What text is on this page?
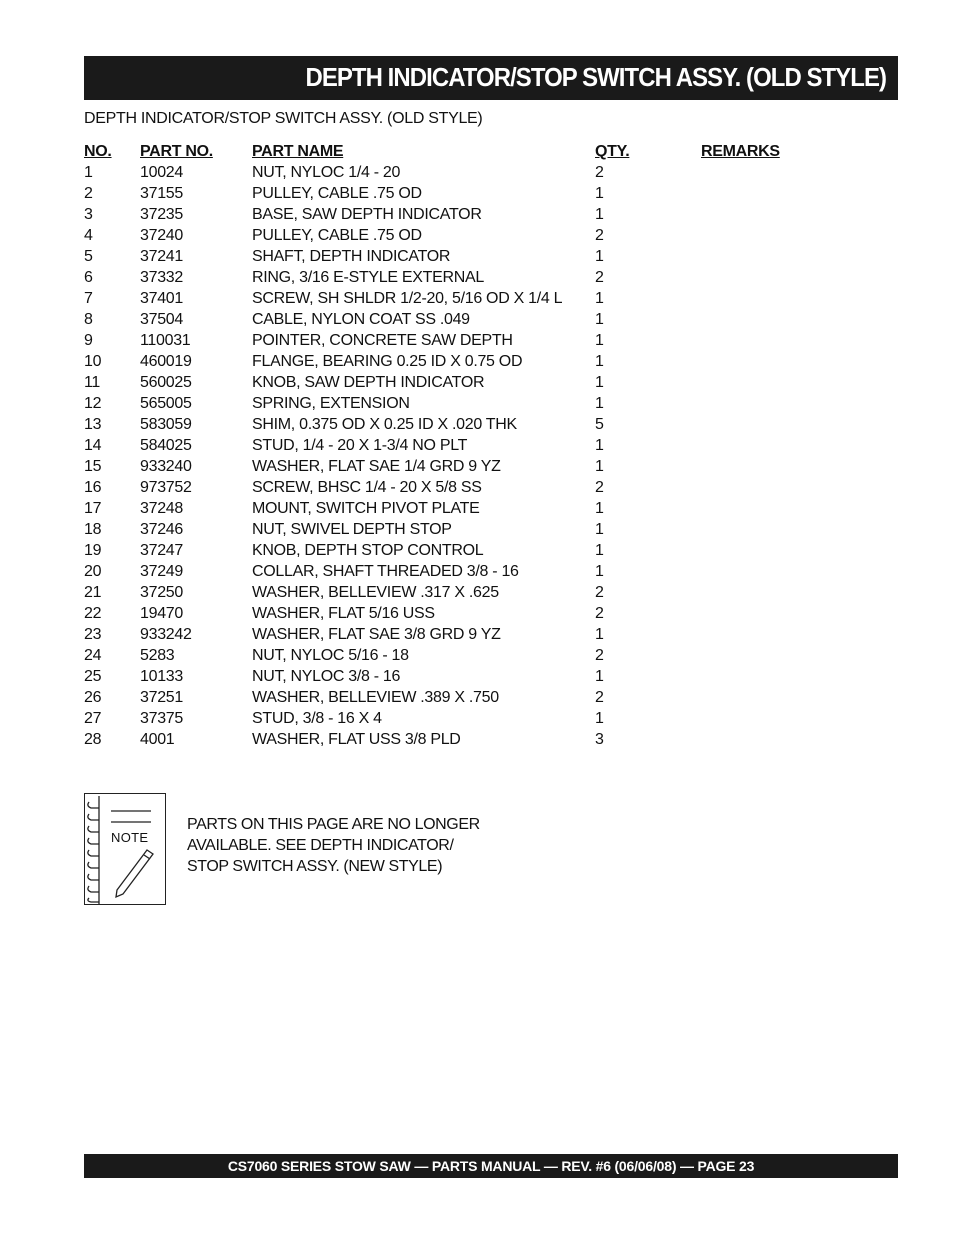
DEPTH INDICATOR/STOP SWITCH ASSY. (OLD STYLE)
DEPTH INDICATOR/STOP SWITCH ASSY. (OLD STYLE)
NO.	PART NO.	PART NAME	QTY.	REMARKS
1	10024	NUT, NYLOC 1/4 - 20	2	
2	37155	PULLEY, CABLE .75 OD	1	
3	37235	BASE, SAW DEPTH INDICATOR	1	
4	37240	PULLEY, CABLE .75 OD	2	
5	37241	SHAFT, DEPTH INDICATOR	1	
6	37332	RING, 3/16 E-STYLE EXTERNAL	2	
7	37401	SCREW, SH SHLDR 1/2-20, 5/16 OD X 1/4 L	1	
8	37504	CABLE, NYLON COAT SS .049	1	
9	110031	POINTER, CONCRETE SAW DEPTH	1	
10	460019	FLANGE, BEARING 0.25 ID X 0.75 OD	1	
11	560025	KNOB, SAW DEPTH INDICATOR	1	
12	565005	SPRING, EXTENSION	1	
13	583059	SHIM, 0.375 OD X 0.25 ID X .020 THK	5	
14	584025	STUD, 1/4 - 20 X 1-3/4 NO PLT	1	
15	933240	WASHER, FLAT SAE 1/4 GRD 9 YZ	1	
16	973752	SCREW, BHSC 1/4 - 20 X 5/8 SS	2	
17	37248	MOUNT, SWITCH PIVOT PLATE	1	
18	37246	NUT, SWIVEL DEPTH STOP	1	
19	37247	KNOB, DEPTH STOP CONTROL	1	
20	37249	COLLAR, SHAFT THREADED 3/8 - 16	1	
21	37250	WASHER, BELLEVIEW .317 X .625	2	
22	19470	WASHER, FLAT 5/16 USS	2	
23	933242	WASHER, FLAT SAE 3/8 GRD 9 YZ	1	
24	5283	NUT, NYLOC 5/16 - 18	2	
25	10133	NUT, NYLOC 3/8 - 16	1	
26	37251	WASHER, BELLEVIEW .389 X .750	2	
27	37375	STUD, 3/8 - 16 X 4	1	
28	4001	WASHER, FLAT USS 3/8 PLD	3	
NOTE
PARTS ON THIS PAGE ARE NO LONGER
AVAILABLE. SEE DEPTH INDICATOR/
STOP SWITCH ASSY. (NEW STYLE)
CS7060 SERIES STOW SAW — PARTS MANUAL — REV. #6 (06/06/08) — PAGE 23
